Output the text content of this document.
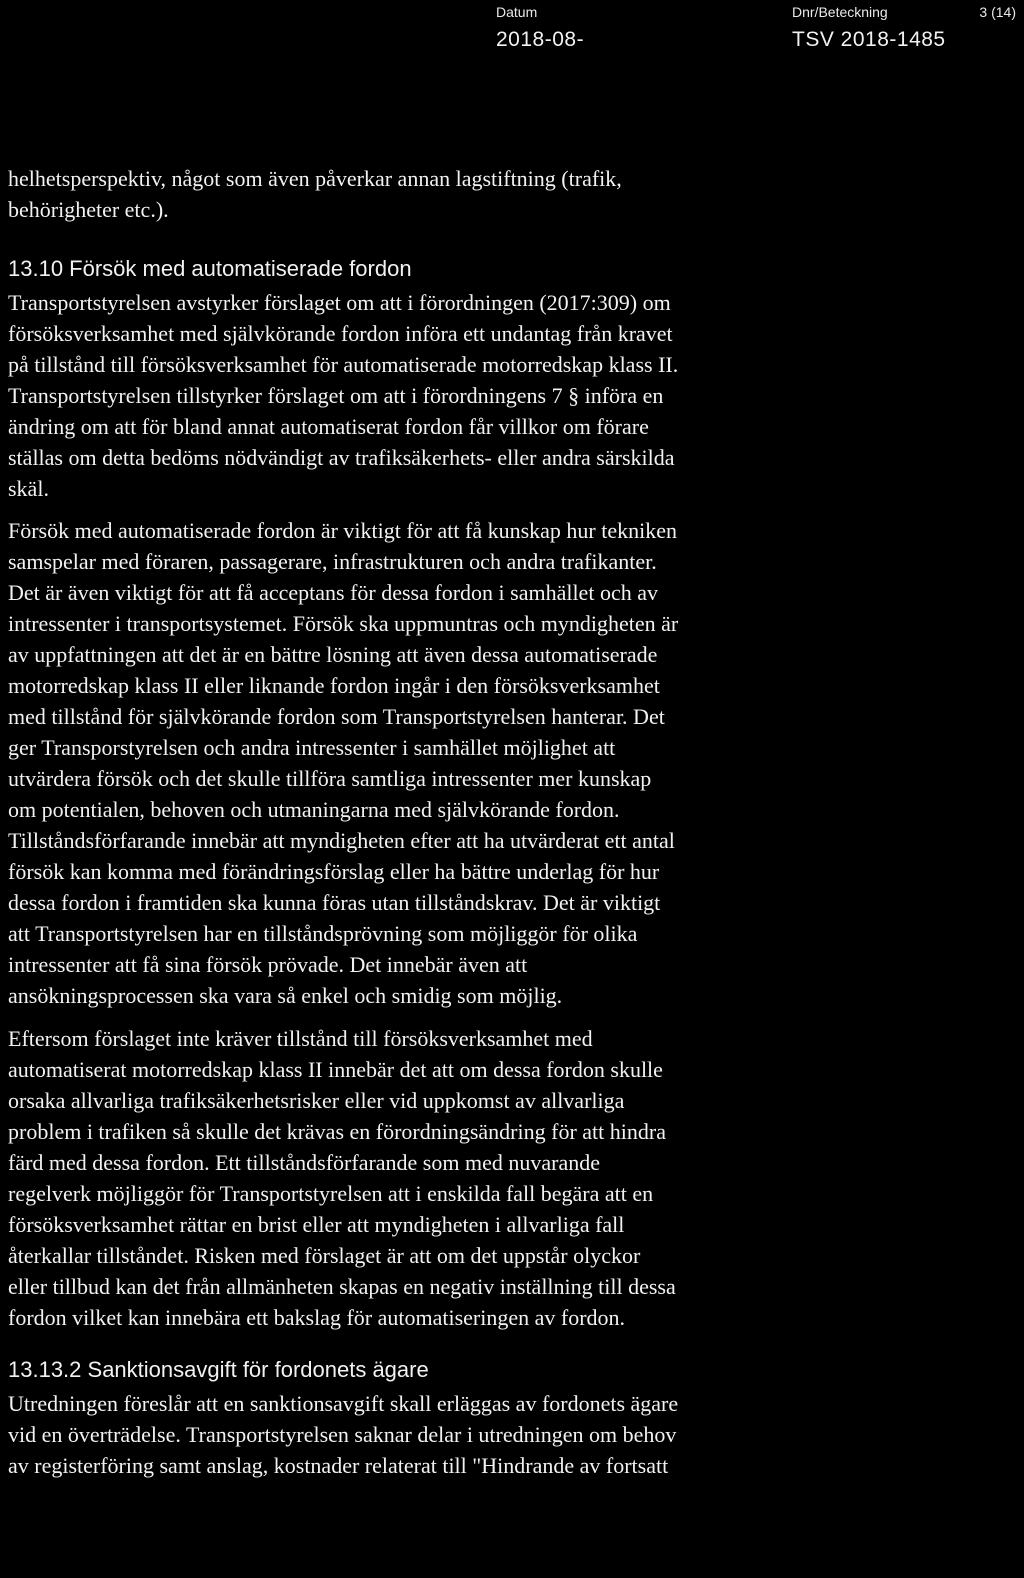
Datum
2018-08-
Dnr/Beteckning
TSV 2018-1485
3 (14)

helhetsperspektiv, något som även påverkar annan lagstiftning (trafik,
behörigheter etc.).

13.10 Försök med automatiserade fordon

Transportstyrelsen avstyrker förslaget om att i förordningen (2017:309) om
försöksverksamhet med självkörande fordon införa ett undantag från kravet
på tillstånd till försöksverksamhet för automatiserade motorredskap klass II.
Transportstyrelsen tillstyrker förslaget om att i förordningens 7 § införa en
ändring om att för bland annat automatiserat fordon får villkor om förare
ställas om detta bedöms nödvändigt av trafiksäkerhets- eller andra särskilda
skäl.

Försök med automatiserade fordon är viktigt för att få kunskap hur tekniken
samspelar med föraren, passagerare, infrastrukturen och andra trafikanter.
Det är även viktigt för att få acceptans för dessa fordon i samhället och av
intressenter i transportsystemet. Försök ska uppmuntras och myndigheten är
av uppfattningen att det är en bättre lösning att även dessa automatiserade
motorredskap klass II eller liknande fordon ingår i den försöksverksamhet
med tillstånd för självkörande fordon som Transportstyrelsen hanterar. Det
ger Transporstyrelsen och andra intressenter i samhället möjlighet att
utvärdera försök och det skulle tillföra samtliga intressenter mer kunskap
om potentialen, behoven och utmaningarna med självkörande fordon.
Tillståndsförfarande innebär att myndigheten efter att ha utvärderat ett antal
försök kan komma med förändringsförslag eller ha bättre underlag för hur
dessa fordon i framtiden ska kunna föras utan tillståndskrav. Det är viktigt
att Transportstyrelsen har en tillståndsprövning som möjliggör för olika
intressenter att få sina försök prövade. Det innebär även att
ansökningsprocessen ska vara så enkel och smidig som möjlig.

Eftersom förslaget inte kräver tillstånd till försöksverksamhet med
automatiserat motorredskap klass II innebär det att om dessa fordon skulle
orsaka allvarliga trafiksäkerhetsrisker eller vid uppkomst av allvarliga
problem i trafiken så skulle det krävas en förordningsändring för att hindra
färd med dessa fordon. Ett tillståndsförfarande som med nuvarande
regelverk möjliggör för Transportstyrelsen att i enskilda fall begära att en
försöksverksamhet rättar en brist eller att myndigheten i allvarliga fall
återkallar tillståndet. Risken med förslaget är att om det uppstår olyckor
eller tillbud kan det från allmänheten skapas en negativ inställning till dessa
fordon vilket kan innebära ett bakslag för automatiseringen av fordon.

13.13.2 Sanktionsavgift för fordonets ägare

Utredningen föreslår att en sanktionsavgift skall erläggas av fordonets ägare
vid en överträdelse. Transportstyrelsen saknar delar i utredningen om behov
av registerföring samt anslag, kostnader relaterat till "Hindrande av fortsatt
